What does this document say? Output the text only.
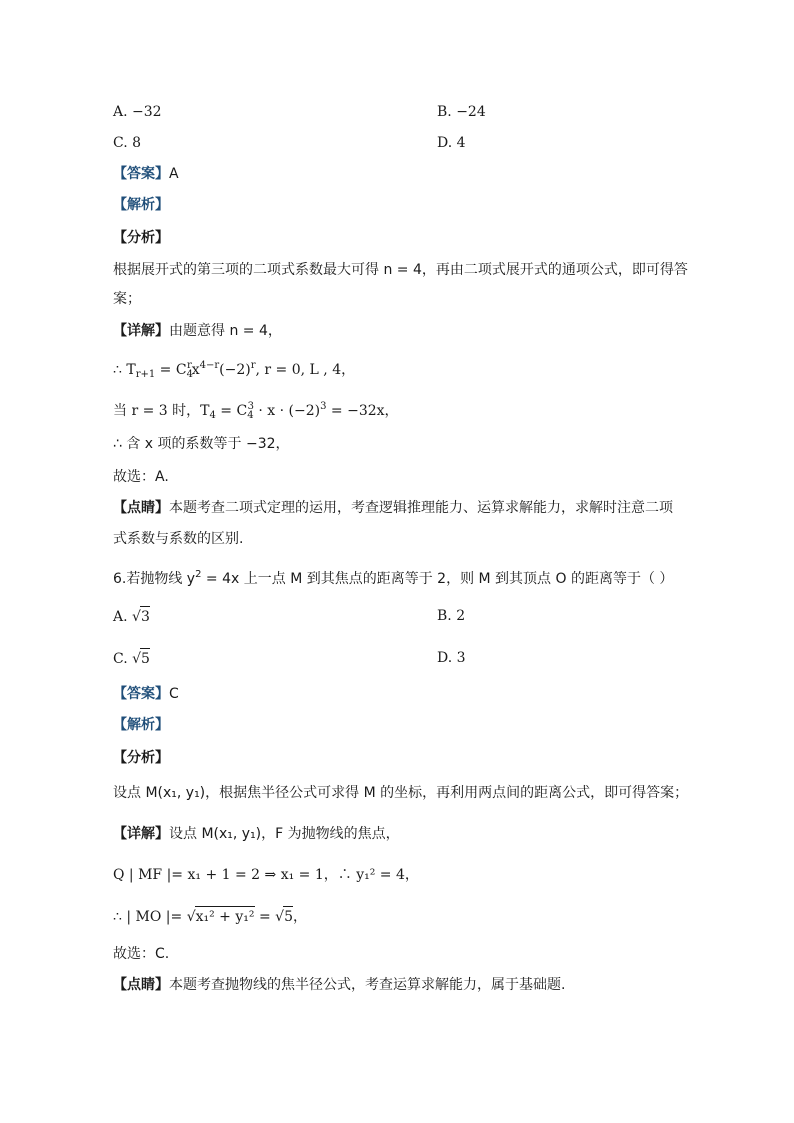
A. −32	B. −24
C. 8	D. 4
【答案】A
【解析】
【分析】
根据展开式的第三项的二项式系数最大可得 n = 4，再由二项式展开式的通项公式，即可得答
案；
【详解】由题意得 n = 4，
∴ $T_{r+1} = C_4^rx^{4-r}(-2)^r$, r = 0, L , 4，
当 r = 3 时，$T_4 = C_4^3 \cdot x \cdot (-2)^3 = -32x$，
∴ 含 x 项的系数等于 −32，
故选：A.
【点睛】本题考查二项式定理的运用，考查逻辑推理能力、运算求解能力，求解时注意二项
式系数与系数的区别.
6.若抛物线 $y^2 = 4x$ 上一点 M 到其焦点的距离等于 2，则 M 到其顶点 O 的距离等于（ ）
A. √3	B. 2
C. √5	D. 3
【答案】C
【解析】
【分析】
设点 M(x₁, y₁)，根据焦半径公式可求得 M 的坐标，再利用两点间的距离公式，即可得答案；
【详解】设点 M(x₁, y₁)，F 为抛物线的焦点，
Q | MF |= x₁ + 1 = 2 ⇒ x₁ = 1，∴ y₁² = 4，
∴ | MO |= √x₁² + y₁² = √5，
故选：C.
【点睛】本题考查抛物线的焦半径公式，考查运算求解能力，属于基础题.
